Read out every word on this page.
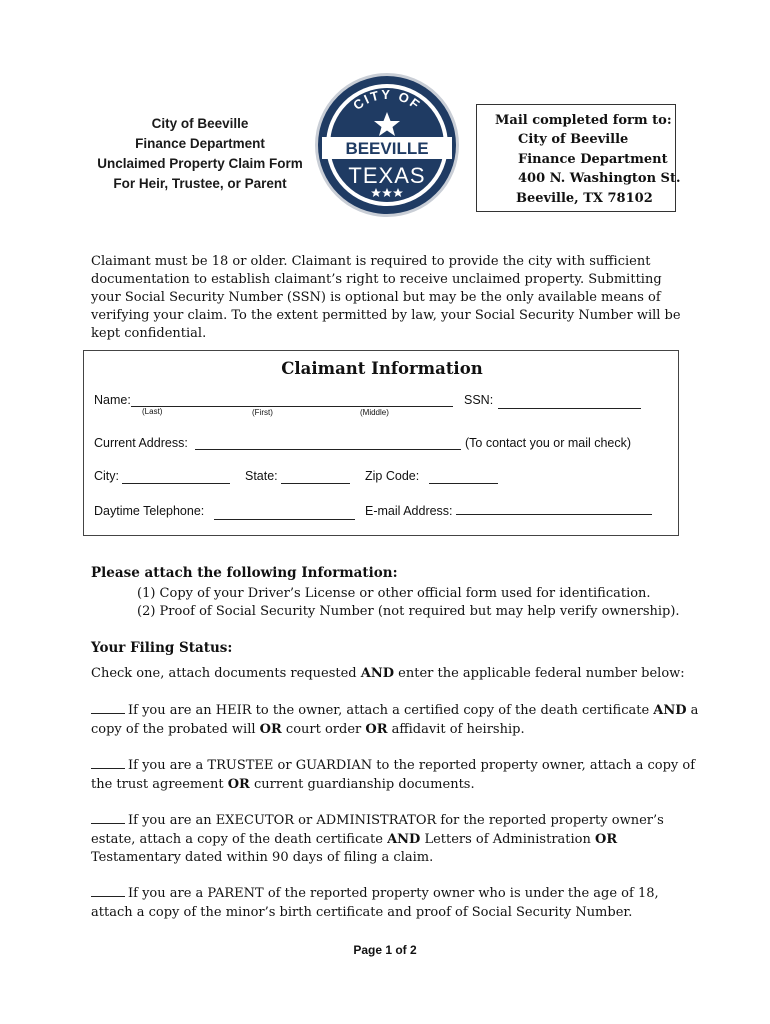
City of Beeville
Finance Department
Unclaimed Property Claim Form
For Heir, Trustee, or Parent
CITY OF
BEEVILLE
TEXAS
Mail completed form to:
City of Beeville
Finance Department
400 N. Washington St.
Beeville, TX 78102
Claimant must be 18 or older. Claimant is required to provide the city with sufficient
documentation to establish claimant’s right to receive unclaimed property. Submitting
your Social Security Number (SSN) is optional but may be the only available means of
verifying your claim. To the extent permitted by law, your Social Security Number will be
kept confidential.
Claimant Information
Name:
(Last)	(First)	(Middle)
SSN:
Current Address:	(To contact you or mail check)
City:	State:	Zip Code:
Daytime Telephone:	E-mail Address:
Please attach the following Information:
(1) Copy of your Driver’s License or other official form used for identification.
(2) Proof of Social Security Number (not required but may help verify ownership).
Your Filing Status:
Check one, attach documents requested AND enter the applicable federal number below:
If you are an HEIR to the owner, attach a certified copy of the death certificate AND a
copy of the probated will OR court order OR affidavit of heirship.
If you are a TRUSTEE or GUARDIAN to the reported property owner, attach a copy of
the trust agreement OR current guardianship documents.
If you are an EXECUTOR or ADMINISTRATOR for the reported property owner’s
estate, attach a copy of the death certificate AND Letters of Administration OR
Testamentary dated within 90 days of filing a claim.
If you are a PARENT of the reported property owner who is under the age of 18,
attach a copy of the minor’s birth certificate and proof of Social Security Number.
Page 1 of 2
